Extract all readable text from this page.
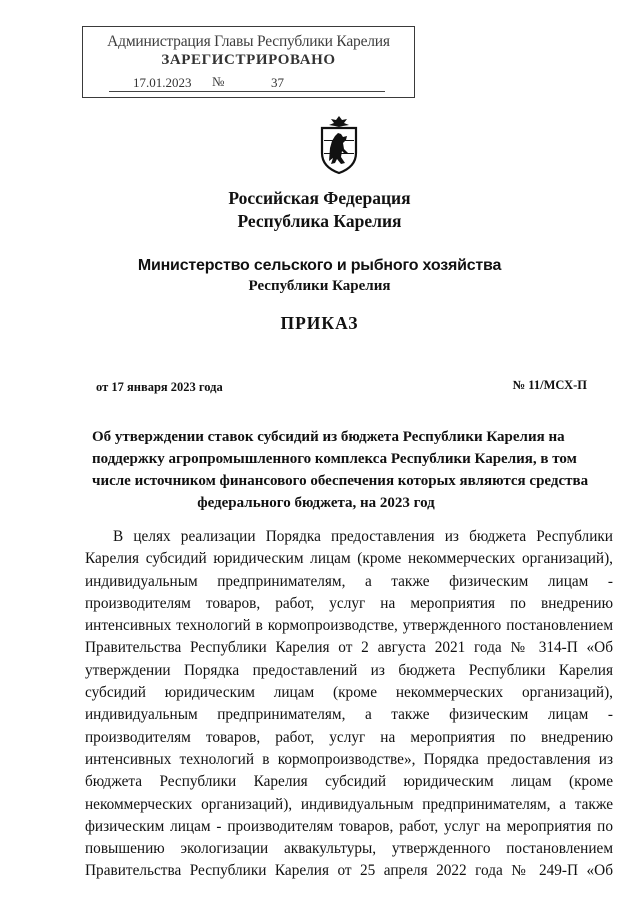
Администрация Главы Республики Карелия
ЗАРЕГИСТРИРОВАНО
17.01.2023 №	37
Российская Федерация
Республика Карелия
Министерство сельского и рыбного хозяйства
Республики Карелия
ПРИКАЗ
от 17 января 2023 года	№ 11/МСХ-П
Об утверждении ставок субсидий из бюджета Республики Карелия на
поддержку агропромышленного комплекса Республики Карелия, в том
числе источником финансового обеспечения которых являются средства
федерального бюджета, на 2023 год
В целях реализации Порядка предоставления из бюджета Республики
Карелия субсидий юридическим лицам (кроме некоммерческих организаций),
индивидуальным предпринимателям, а также физическим лицам -
производителям товаров, работ, услуг на мероприятия по внедрению
интенсивных технологий в кормопроизводстве, утвержденного постановлением
Правительства Республики Карелия от 2 августа 2021 года № 314-П «Об
утверждении Порядка предоставлений из бюджета Республики Карелия
субсидий юридическим лицам (кроме некоммерческих организаций),
индивидуальным предпринимателям, а также физическим лицам -
производителям товаров, работ, услуг на мероприятия по внедрению
интенсивных технологий в кормопроизводстве», Порядка предоставления из
бюджета Республики Карелия субсидий юридическим лицам (кроме
некоммерческих организаций), индивидуальным предпринимателям, а также
физическим лицам - производителям товаров, работ, услуг на мероприятия по
повышению экологизации аквакультуры, утвержденного постановлением
Правительства Республики Карелия от 25 апреля 2022 года № 249-П «Об
